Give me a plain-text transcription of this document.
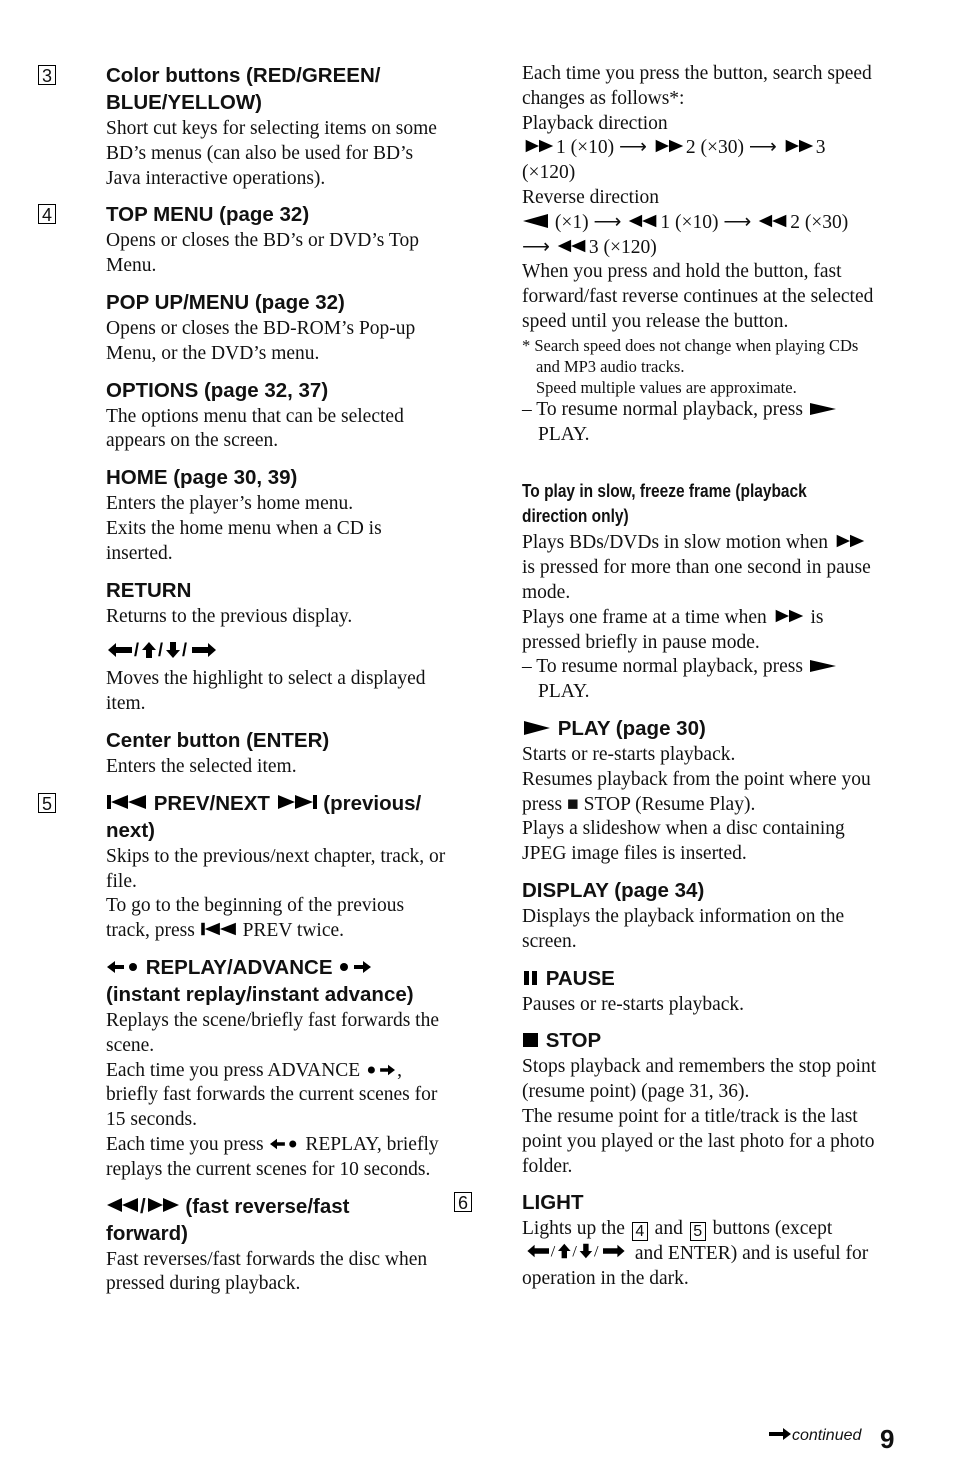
3	Color buttons (RED/GREEN/
BLUE/YELLOW)
Short cut keys for selecting items on some BD’s menus (can also be used for BD’s Java interactive operations).
4	TOP MENU (page 32)
Opens or closes the BD’s or DVD’s Top Menu.
POP UP/MENU (page 32)
Opens or closes the BD-ROM’s Pop-up Menu, or the DVD’s menu.
OPTIONS (page 32, 37)
The options menu that can be selected appears on the screen.
HOME (page 30, 39)
Enters the player’s home menu.
Exits the home menu when a CD is inserted.
RETURN
Returns to the previous display.
/ / /
Moves the highlight to select a displayed item.
Center button (ENTER)
Enters the selected item.
5	PREV/NEXT  (previous/
next)
Skips to the previous/next chapter, track, or file.
To go to the beginning of the previous track, press  PREV twice.
REPLAY/ADVANCE
(instant replay/instant advance)
Replays the scene/briefly fast forwards the scene.
Each time you press ADVANCE , briefly fast forwards the current scenes for 15 seconds.
Each time you press  REPLAY, briefly replays the current scenes for 10 seconds.
/ (fast reverse/fast
forward)
Fast reverses/fast forwards the disc when pressed during playback.
Each time you press the button, search speed changes as follows*:
Playback direction
1 (×10) ⟶ 2 (×30) ⟶ 3 (×120)
Reverse direction
(×1) ⟶ 1 (×10) ⟶ 2 (×30)
⟶ 3 (×120)
When you press and hold the button, fast forward/fast reverse continues at the selected speed until you release the button.
* Search speed does not change when playing CDs and MP3 audio tracks.
Speed multiple values are approximate.
– To resume normal playback, press  PLAY.
To play in slow, freeze frame (playback direction only)
Plays BDs/DVDs in slow motion when  is pressed for more than one second in pause mode.
Plays one frame at a time when  is pressed briefly in pause mode.
– To resume normal playback, press  PLAY.
PLAY (page 30)
Starts or re-starts playback.
Resumes playback from the point where you press ■ STOP (Resume Play).
Plays a slideshow when a disc containing JPEG image files is inserted.
DISPLAY (page 34)
Displays the playback information on the screen.
PAUSE
Pauses or re-starts playback.
STOP
Stops playback and remembers the stop point (resume point) (page 31, 36).
The resume point for a title/track is the last point you played or the last photo for a photo folder.
6	LIGHT
Lights up the 4 and 5 buttons (except
/ / / and ENTER) and is useful for operation in the dark.
continued 9
